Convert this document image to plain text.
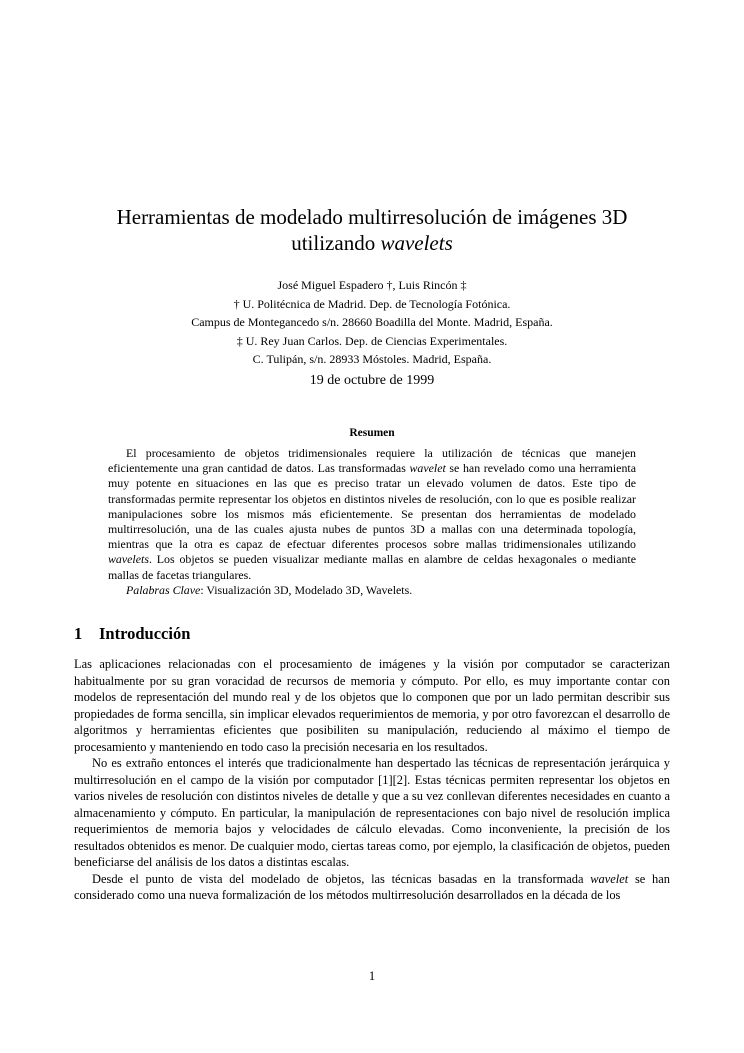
Herramientas de modelado multirresolución de imágenes 3D
utilizando wavelets
José Miguel Espadero †, Luis Rincón ‡
† U. Politécnica de Madrid. Dep. de Tecnología Fotónica.
Campus de Montegancedo s/n. 28660 Boadilla del Monte. Madrid, España.
‡ U. Rey Juan Carlos. Dep. de Ciencias Experimentales.
C. Tulipán, s/n. 28933 Móstoles. Madrid, España.
19 de octubre de 1999
Resumen

El procesamiento de objetos tridimensionales requiere la utilización de técnicas que manejen eficientemente una gran cantidad de datos. Las transformadas wavelet se han revelado como una herramienta muy potente en situaciones en las que es preciso tratar un elevado volumen de datos. Este tipo de transformadas permite representar los objetos en distintos niveles de resolución, con lo que es posible realizar manipulaciones sobre los mismos más eficientemente. Se presentan dos herramientas de modelado multirresolución, una de las cuales ajusta nubes de puntos 3D a mallas con una determinada topología, mientras que la otra es capaz de efectuar diferentes procesos sobre mallas tridimensionales utilizando wavelets. Los objetos se pueden visualizar mediante mallas en alambre de celdas hexagonales o mediante mallas de facetas triangulares.

Palabras Clave: Visualización 3D, Modelado 3D, Wavelets.

1 Introducción

Las aplicaciones relacionadas con el procesamiento de imágenes y la visión por computador se caracterizan habitualmente por su gran voracidad de recursos de memoria y cómputo. Por ello, es muy importante contar con modelos de representación del mundo real y de los objetos que lo componen que por un lado permitan describir sus propiedades de forma sencilla, sin implicar elevados requerimientos de memoria, y por otro favorezcan el desarrollo de algoritmos y herramientas eficientes que posibiliten su manipulación, reduciendo al máximo el tiempo de procesamiento y manteniendo en todo caso la precisión necesaria en los resultados.

No es extraño entonces el interés que tradicionalmente han despertado las técnicas de representación jerárquica y multirresolución en el campo de la visión por computador [1][2]. Estas técnicas permiten representar los objetos en varios niveles de resolución con distintos niveles de detalle y que a su vez conllevan diferentes necesidades en cuanto a almacenamiento y cómputo. En particular, la manipulación de representaciones con bajo nivel de resolución implica requerimientos de memoria bajos y velocidades de cálculo elevadas. Como inconveniente, la precisión de los resultados obtenidos es menor. De cualquier modo, ciertas tareas como, por ejemplo, la clasificación de objetos, pueden beneficiarse del análisis de los datos a distintas escalas.

Desde el punto de vista del modelado de objetos, las técnicas basadas en la transformada wavelet se han considerado como una nueva formalización de los métodos multirresolución desarrollados en la década de los

1
